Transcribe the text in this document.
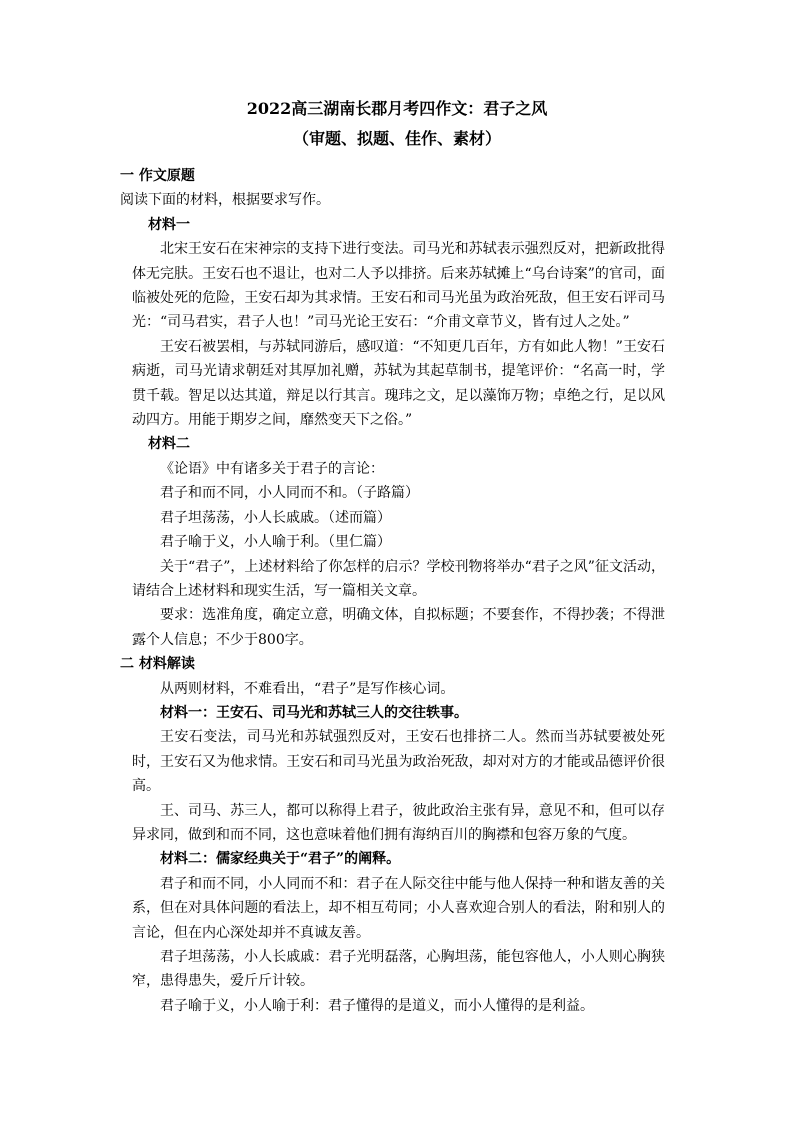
2022高三湖南长郡月考四作文：君子之风

（审题、拟题、佳作、素材）

一 作文原题

阅读下面的材料，根据要求写作。

材料一

北宋王安石在宋神宗的支持下进行变法。司马光和苏轼表示强烈反对，把新政批得体无完肤。王安石也不退让，也对二人予以排挤。后来苏轼摊上“乌台诗案”的官司，面临被处死的危险，王安石却为其求情。王安石和司马光虽为政治死敌，但王安石评司马光：“司马君实，君子人也！”司马光论王安石：“介甫文章节义，皆有过人之处。”

王安石被罢相，与苏轼同游后，感叹道：“不知更几百年，方有如此人物！”王安石病逝，司马光请求朝廷对其厚加礼赠，苏轼为其起草制书，提笔评价：“名高一时，学贯千载。智足以达其道，辩足以行其言。瑰玮之文，足以藻饰万物；卓绝之行，足以风动四方。用能于期岁之间，靡然变天下之俗。”

材料二

《论语》中有诸多关于君子的言论：

君子和而不同，小人同而不和。（子路篇）

君子坦荡荡，小人长戚戚。（述而篇）

君子喻于义，小人喻于利。（里仁篇）

关于“君子”，上述材料给了你怎样的启示？学校刊物将举办“君子之风”征文活动，请结合上述材料和现实生活，写一篇相关文章。

要求：选准角度，确定立意，明确文体，自拟标题；不要套作，不得抄袭；不得泄露个人信息；不少于800字。

二 材料解读

从两则材料，不难看出，“君子”是写作核心词。

材料一：王安石、司马光和苏轼三人的交往轶事。

王安石变法，司马光和苏轼强烈反对，王安石也排挤二人。然而当苏轼要被处死时，王安石又为他求情。王安石和司马光虽为政治死敌，却对对方的才能或品德评价很高。

王、司马、苏三人，都可以称得上君子，彼此政治主张有异，意见不和，但可以存异求同，做到和而不同，这也意味着他们拥有海纳百川的胸襟和包容万象的气度。

材料二：儒家经典关于“君子”的阐释。

君子和而不同，小人同而不和：君子在人际交往中能与他人保持一种和谐友善的关系，但在对具体问题的看法上，却不相互苟同；小人喜欢迎合别人的看法，附和别人的言论，但在内心深处却并不真诚友善。

君子坦荡荡，小人长戚戚：君子光明磊落，心胸坦荡，能包容他人，小人则心胸狭窄，患得患失，爱斤斤计较。

君子喻于义，小人喻于利：君子懂得的是道义，而小人懂得的是利益。
